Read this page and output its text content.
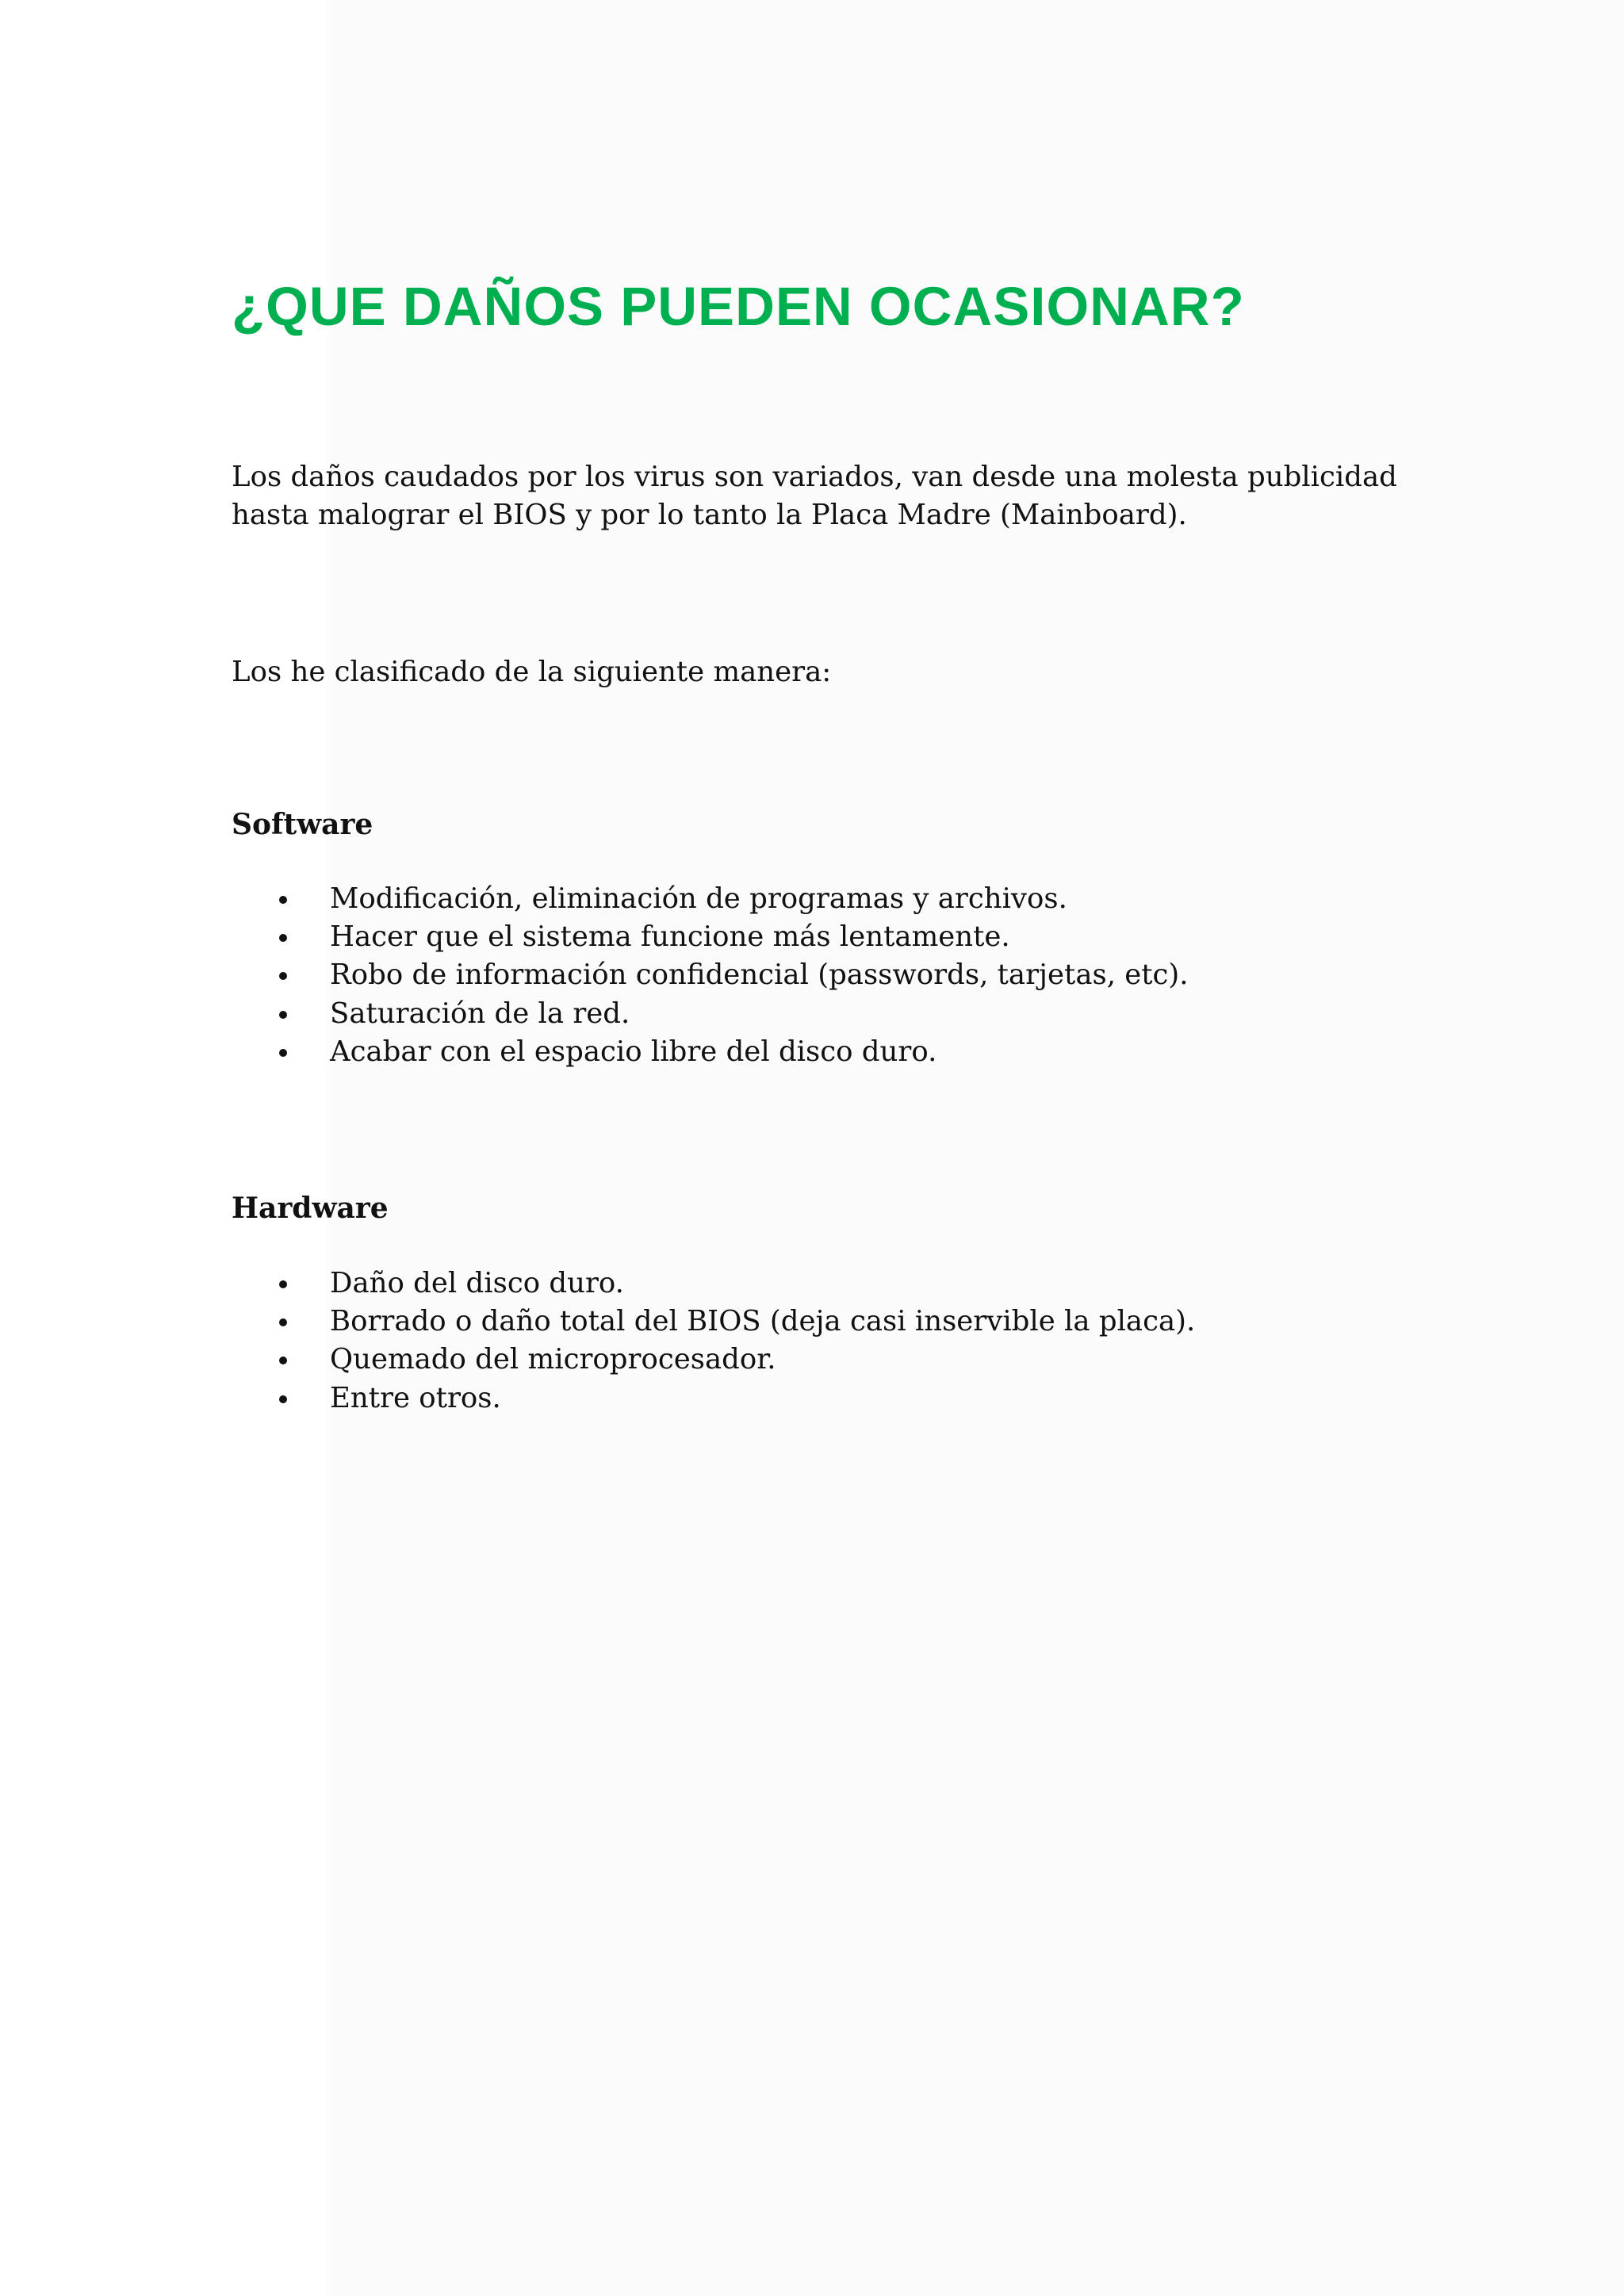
¿QUE DAÑOS PUEDEN OCASIONAR?
Los daños caudados por los virus son variados, van desde una molesta publicidad
hasta malograr el BIOS y por lo tanto la Placa Madre (Mainboard).

Los he clasificado de la siguiente manera:

Software
Modificación, eliminación de programas y archivos.
Hacer que el sistema funcione más lentamente.
Robo de información confidencial (passwords, tarjetas, etc).
Saturación de la red.
Acabar con el espacio libre del disco duro.
Hardware
Daño del disco duro.
Borrado o daño total del BIOS (deja casi inservible la placa).
Quemado del microprocesador.
Entre otros.
